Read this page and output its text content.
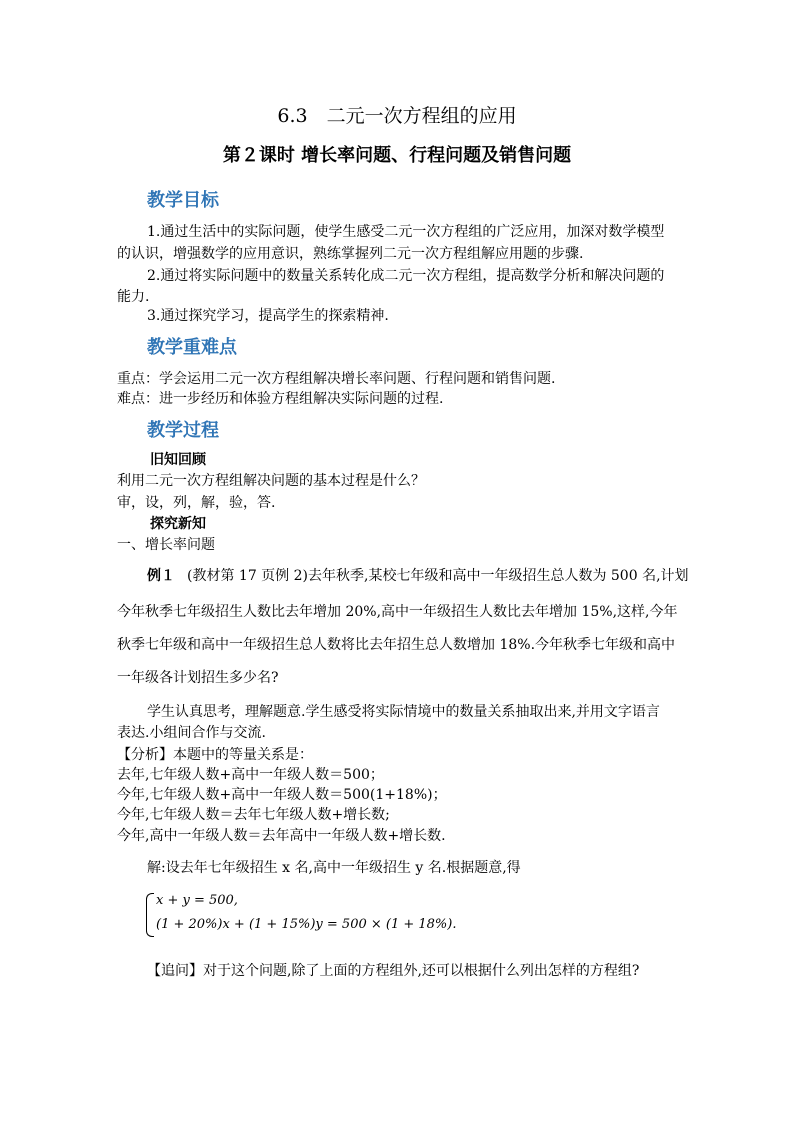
6.3　二元一次方程组的应用
第２课时 增长率问题、行程问题及销售问题
教学目标
1.通过生活中的实际问题，使学生感受二元一次方程组的广泛应用，加深对数学模型
的认识，增强数学的应用意识，熟练掌握列二元一次方程组解应用题的步骤.
2.通过将实际问题中的数量关系转化成二元一次方程组，提高数学分析和解决问题的
能力.
3.通过探究学习，提高学生的探索精神.
教学重难点
重点：学会运用二元一次方程组解决增长率问题、行程问题和销售问题.
难点：进一步经历和体验方程组解决实际问题的过程.
教学过程
旧知回顾
利用二元一次方程组解决问题的基本过程是什么？
审，设，列，解，验，答.
探究新知
一、增长率问题
例１ (教材第 17 页例 2)去年秋季,某校七年级和高中一年级招生总人数为 500 名,计划
今年秋季七年级招生人数比去年增加 20%,高中一年级招生人数比去年增加 15%,这样,今年
秋季七年级和高中一年级招生总人数将比去年招生总人数增加 18%.今年秋季七年级和高中
一年级各计划招生多少名?
学生认真思考，理解题意.学生感受将实际情境中的数量关系抽取出来,并用文字语言
表达.小组间合作与交流.
【分析】本题中的等量关系是：
去年,七年级人数+高中一年级人数＝500；
今年,七年级人数+高中一年级人数＝500(1+18%)；
今年,七年级人数＝去年七年级人数+增长数;
今年,高中一年级人数＝去年高中一年级人数+增长数.
解:设去年七年级招生 x 名,高中一年级招生 y 名.根据题意,得
x + y = 500,
(1 + 20%)x + (1 + 15%)y = 500 × (1 + 18%).
【追问】对于这个问题,除了上面的方程组外,还可以根据什么列出怎样的方程组?
